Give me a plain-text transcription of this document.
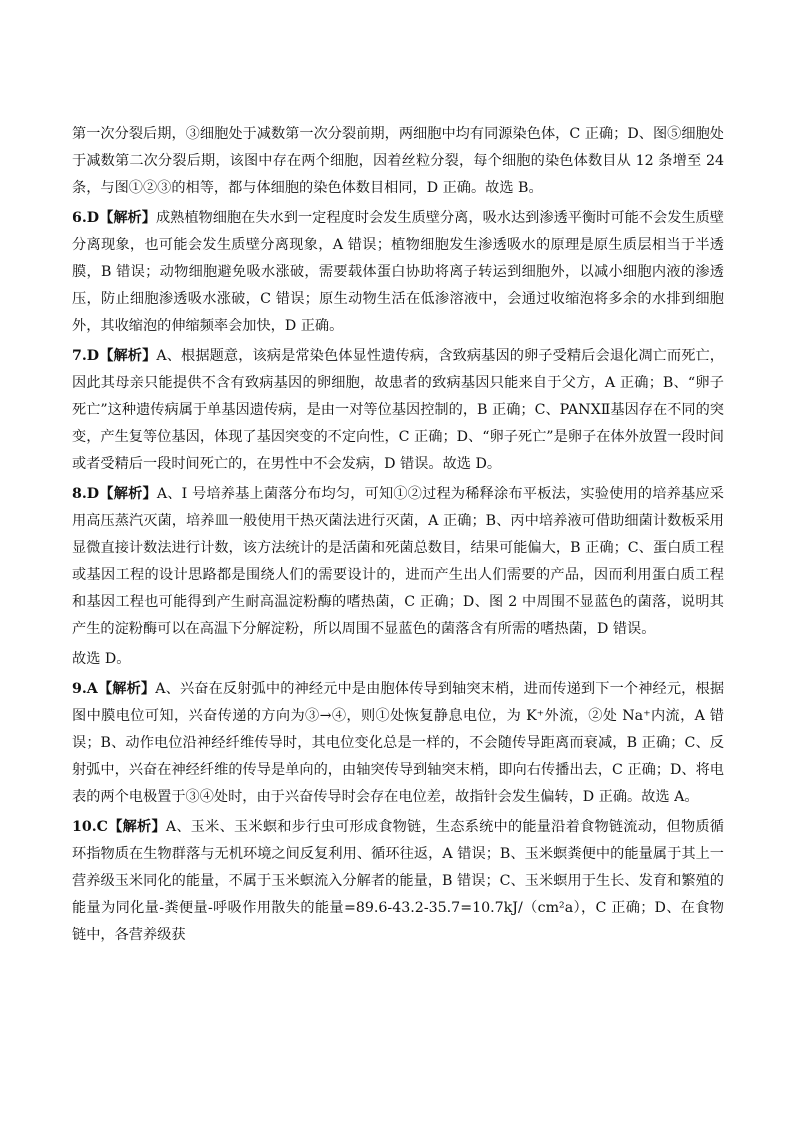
第一次分裂后期，③细胞处于减数第一次分裂前期，两细胞中均有同源染色体，C 正确；D、图⑤细胞处于减数第二次分裂后期，该图中存在两个细胞，因着丝粒分裂，每个细胞的染色体数目从 12 条增至 24 条，与图①②③的相等，都与体细胞的染色体数目相同，D 正确。故选 B。

6.D【解析】成熟植物细胞在失水到一定程度时会发生质壁分离，吸水达到渗透平衡时可能不会发生质壁分离现象，也可能会发生质壁分离现象，A 错误；植物细胞发生渗透吸水的原理是原生质层相当于半透膜，B 错误；动物细胞避免吸水涨破，需要载体蛋白协助将离子转运到细胞外，以减小细胞内液的渗透压，防止细胞渗透吸水涨破，C 错误；原生动物生活在低渗溶液中，会通过收缩泡将多余的水排到细胞外，其收缩泡的伸缩频率会加快，D 正确。

7.D【解析】A、根据题意，该病是常染色体显性遗传病，含致病基因的卵子受精后会退化凋亡而死亡，因此其母亲只能提供不含有致病基因的卵细胞，故患者的致病基因只能来自于父方，A 正确；B、“卵子死亡”这种遗传病属于单基因遗传病，是由一对等位基因控制的，B 正确；C、PANXⅡ基因存在不同的突变，产生复等位基因，体现了基因突变的不定向性，C 正确；D、“卵子死亡”是卵子在体外放置一段时间或者受精后一段时间死亡的，在男性中不会发病，D 错误。故选 D。

8.D【解析】A、I 号培养基上菌落分布均匀，可知①②过程为稀释涂布平板法，实验使用的培养基应采用高压蒸汽灭菌，培养皿一般使用干热灭菌法进行灭菌，A 正确；B、丙中培养液可借助细菌计数板采用显微直接计数法进行计数，该方法统计的是活菌和死菌总数目，结果可能偏大，B 正确；C、蛋白质工程或基因工程的设计思路都是围绕人们的需要设计的，进而产生出人们需要的产品，因而利用蛋白质工程和基因工程也可能得到产生耐高温淀粉酶的嗜热菌，C 正确；D、图 2 中周围不显蓝色的菌落，说明其产生的淀粉酶可以在高温下分解淀粉，所以周围不显蓝色的菌落含有所需的嗜热菌，D 错误。

故选 D。

9.A【解析】A、兴奋在反射弧中的神经元中是由胞体传导到轴突末梢，进而传递到下一个神经元，根据图中膜电位可知，兴奋传递的方向为③→④，则①处恢复静息电位，为 K⁺外流，②处 Na⁺内流，A 错误；B、动作电位沿神经纤维传导时，其电位变化总是一样的，不会随传导距离而衰减，B 正确；C、反射弧中，兴奋在神经纤维的传导是单向的，由轴突传导到轴突末梢，即向右传播出去，C 正确；D、将电表的两个电极置于③④处时，由于兴奋传导时会存在电位差，故指针会发生偏转，D 正确。故选 A。

10.C【解析】A、玉米、玉米螟和步行虫可形成食物链，生态系统中的能量沿着食物链流动，但物质循环指物质在生物群落与无机环境之间反复利用、循环往返，A 错误；B、玉米螟粪便中的能量属于其上一营养级玉米同化的能量，不属于玉米螟流入分解者的能量，B 错误；C、玉米螟用于生长、发育和繁殖的能量为同化量-粪便量-呼吸作用散失的能量=89.6-43.2-35.7=10.7kJ/（cm²a），C 正确；D、在食物链中，各营养级获
